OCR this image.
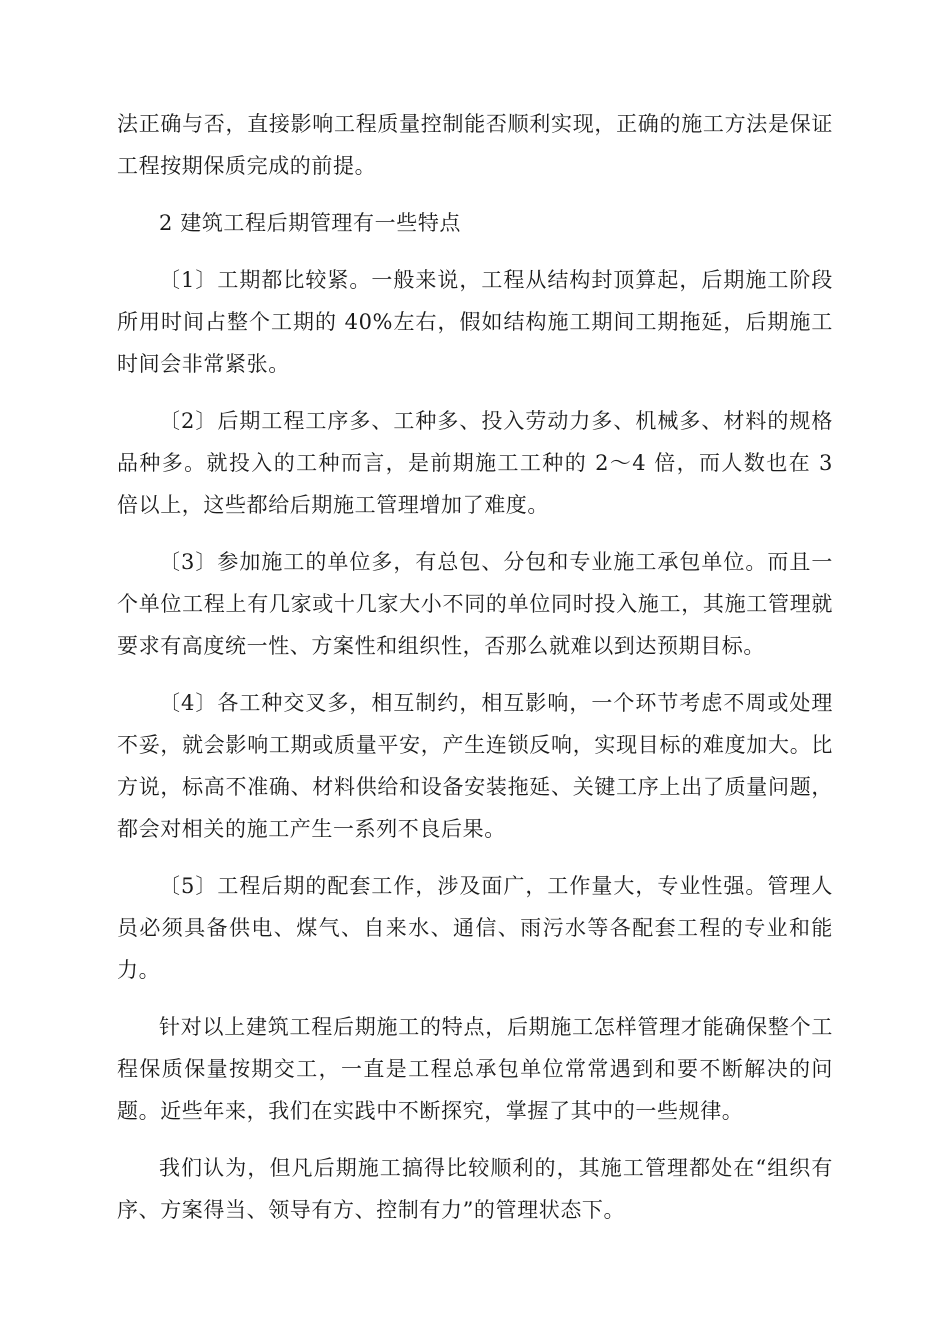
法正确与否，直接影响工程质量控制能否顺利实现，正确的施工方法是保证工程按期保质完成的前提。

2 建筑工程后期管理有一些特点

〔1〕工期都比较紧。一般来说，工程从结构封顶算起，后期施工阶段所用时间占整个工期的 40%左右，假如结构施工期间工期拖延，后期施工时间会非常紧张。

〔2〕后期工程工序多、工种多、投入劳动力多、机械多、材料的规格品种多。就投入的工种而言，是前期施工工种的 2～4 倍，而人数也在 3 倍以上，这些都给后期施工管理增加了难度。

〔3〕参加施工的单位多，有总包、分包和专业施工承包单位。而且一个单位工程上有几家或十几家大小不同的单位同时投入施工，其施工管理就要求有高度统一性、方案性和组织性，否那么就难以到达预期目标。

〔4〕各工种交叉多，相互制约，相互影响，一个环节考虑不周或处理不妥，就会影响工期或质量平安，产生连锁反响，实现目标的难度加大。比方说，标高不准确、材料供给和设备安装拖延、关键工序上出了质量问题，都会对相关的施工产生一系列不良后果。

〔5〕工程后期的配套工作，涉及面广，工作量大，专业性强。管理人员必须具备供电、煤气、自来水、通信、雨污水等各配套工程的专业和能力。

针对以上建筑工程后期施工的特点，后期施工怎样管理才能确保整个工程保质保量按期交工，一直是工程总承包单位常常遇到和要不断解决的问题。近些年来，我们在实践中不断探究，掌握了其中的一些规律。

我们认为，但凡后期施工搞得比较顺利的，其施工管理都处在“组织有序、方案得当、领导有方、控制有力”的管理状态下。
